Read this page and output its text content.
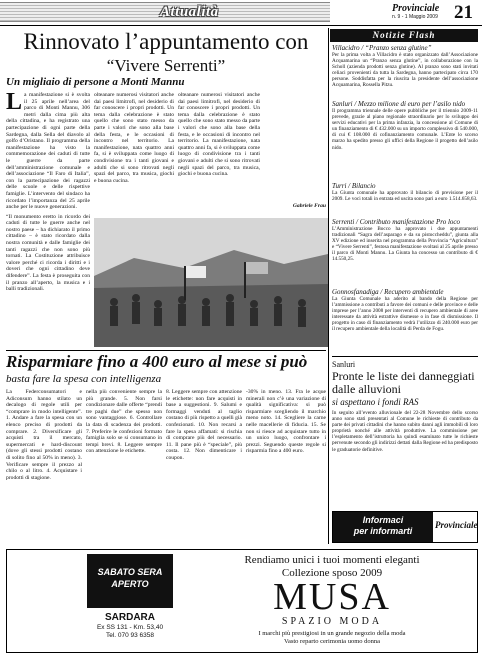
Attualità	Provinciale
n. 9 - 1 Maggio 2009 21
Rinnovato l’appuntamento con
“Vivere Serrenti”
Un migliaio di persone a Monti Mannu
L a manifestazione si è svolta il 25 aprile nell’area del parco di Monti Mannu, 306 metri dalla cima più alta della cittadina, e ha registrato una partecipazione di ogni parte della Sardegna, dalla Sella del diavolo al golfo d’Oristano. Il programma della manifestazione ha visto la commemorazione dei caduti di tutte le guerre da parte dell’amministrazione comunale e dell’associazione “Il Faro di Italia”, con la partecipazione dei ragazzi delle scuole e delle rispettive famiglie. L’intervento del sindaco ha ricordato l’importanza del 25 aprile anche per le nuove generazioni.

“Il monumento eretto in ricordo dei caduti di tutte le guerre anche nel nostro paese – ha dichiarato il primo cittadino – è stato ricordato dalla nostra comunità e dalle famiglie dei tanti ragazzi che non sono più tornati. La Costituzione attribuisce valore perché ci ricorda i diritti e i doveri che ogni cittadino deve difendere”. La festa è proseguita con il pranzo all’aperto, la musica e i balli tradizionali.

olteanare numerosi visitatori anche dai paesi limitrofi, nel desiderio di far conoscere i propri prodotti. Un tema dalla celebrazione è stato quello che sono stato messo da parte i valori che sono alla base della festa, e le occasioni di incontro nel territorio. La manifestazione, nata quattro anni fa, si è sviluppata come luogo di condivisione tra i tanti giovani e adulti che si sono ritrovati negli spazi del parco, tra musica, giochi e buona cucina.
olteanare numerosi visitatori anche dai paesi limitrofi, nel desiderio di far conoscere i propri prodotti. Un tema dalla celebrazione è stato quello che sono stato messo da parte i valori che sono alla base della festa, e le occasioni di incontro nel territorio. La manifestazione, nata quattro anni fa, si è sviluppata come luogo di condivisione tra i tanti giovani e adulti che si sono ritrovati negli spazi del parco, tra musica, giochi e buona cucina.
Gabriele Frau
Risparmiare fino a 400 euro al mese si può
basta fare la spesa con intelligenza
La Federconsumatori e Adiconsum hanno stilato un decalogo di regole utili per “comprare in modo intelligente”. 1. Andare a fare la spesa con un elenco preciso di prodotti da comprare. 2. Diversificare gli acquisti tra il mercato, supermercati e hard-discount (dove gli stessi prodotti costano di solito fino al 50% in meno). 3. Verificare sempre il prezzo al chilo o al litro. 4. Acquistare i prodotti di stagione.
nella più conveniente sempre la più grande. 5. Non farsi condizionare dalle offerte “prendi tre paghi due” che spesso non sono vantaggiose. 6. Controllare la data di scadenza dei prodotti. 7. Preferire le confezioni formato famiglia solo se si consumano in tempi brevi. 8. Leggere sempre con attenzione le etichette.
8. Leggere sempre con attenzione le etichette: non fare acquisti in base a suggestioni. 9. Salumi e formaggi venduti al taglio costano di più rispetto a quelli già confezionati. 10. Non recarsi a fare la spesa affamati: si rischia di comprare più del necessario. 11. Il pane più è “speciale”, più costa. 12. Non dimenticare i coupon.
-30% in meno. 13. Fra le acque minerali non c’è una variazione di qualità significativa: si può risparmiare scegliendo il marchio meno noto. 14. Scegliere la carne nelle macellerie di fiducia. 15. Se non si riesce ad acquistare tutto in un unico luogo, confrontare i prezzi. Seguendo queste regole si risparmia fino a 400 euro.
Notizie Flash
Villacidro / “Pranzo senza glutine”
Per la prima volta a Villacidro è stato organizzato dall’Associazione Acquamarina un “Pranzo senza glutine”, in collaborazione con la Scholl (azienda prodotti senza glutine). Al pranzo sono stati invitati celiaci provenienti da tutta la Sardegna, hanno partecipato circa 170 persone. Soddisfatta per la riuscita la presidente dell’associazione Acquamarina, Rossella Pitzu.
Sanluri / Mezzo milione di euro per l’asilo nido
Il programma triennale delle opere pubbliche per il triennio 2009-11 prevede, grazie al piano regionale straordinario per lo sviluppo dei servizi educativi per la prima infanzia, la concessione al Comune di un finanziamento di € 432.000 su un importo complessivo di 540.000, di cui € 108.000 di cofinanziamento comunale. L’Ente lo scorso marzo ha spedito presso gli uffici della Regione il progetto dell’asilo nido.
Turri / Bilancio
La Giunta comunale ha approvato il bilancio di previsione per il 2009. Le voci totali in entrata ed uscita sono pari a euro 1.514.658,63.
Serrenti / Contributo manifestazione Pro loco
L’Amministrazione Bocco ha approvato i due appuntamenti tradizionali “Sagra dell’asparago e da su pistoccheddu”, giunta alla XV edizione ed inserita nel programma della Provincia “Agricultura” e “Vivere Serrenti”, festosa manifestazione svoltasi al 25 aprile presso il parco di Monti Mannu. La Giunta ha concesso un contributo di € 14.550,25.
Gonnosfanadiga / Recupero ambientale
La Giunta Comunale ha aderito al bando della Regione per l’ammissione a contributi a favore dei comuni e delle province e delle imprese per l’anno 2008 per interventi di recupero ambientale di aree interessate da attività estrattive dismesse o in fase di dismissione. Il progetto in caso di finanziamento vedrà l’utilizzo di 240.000 euro per il recupero ambientale della località di Perda de Fogu.
Sanluri
Pronte le liste dei danneggiati dalle alluvioni
si aspettano i fondi RAS
In seguito all’evento alluvionale del 22-28 Novembre dello scorso anno sono stati presentati al Comune le richieste di contributo da parte dei privati cittadini che hanno subìto danni agli immobili di loro proprietà nonché alle attività produttive. La commissione per l’espletamento dell’istruttoria ha quindi esaminato tutte le richieste pervenute secondo gli indirizzi dettati dalla Regione ed ha predisposto le graduatorie definitive.
Informaci
per informarti
Provinciale
SABATO SERA
APERTO
SARDARA
Ex SS 131 - Km. 53,40
Tel. 070 93 6358
Rendiamo unici i tuoi momenti eleganti
Collezione sposo 2009
MUSA
SPAZIO MODA
I marchi più prestigiosi in un grande negozio della moda
Vasto reparto cerimonia uomo donna
